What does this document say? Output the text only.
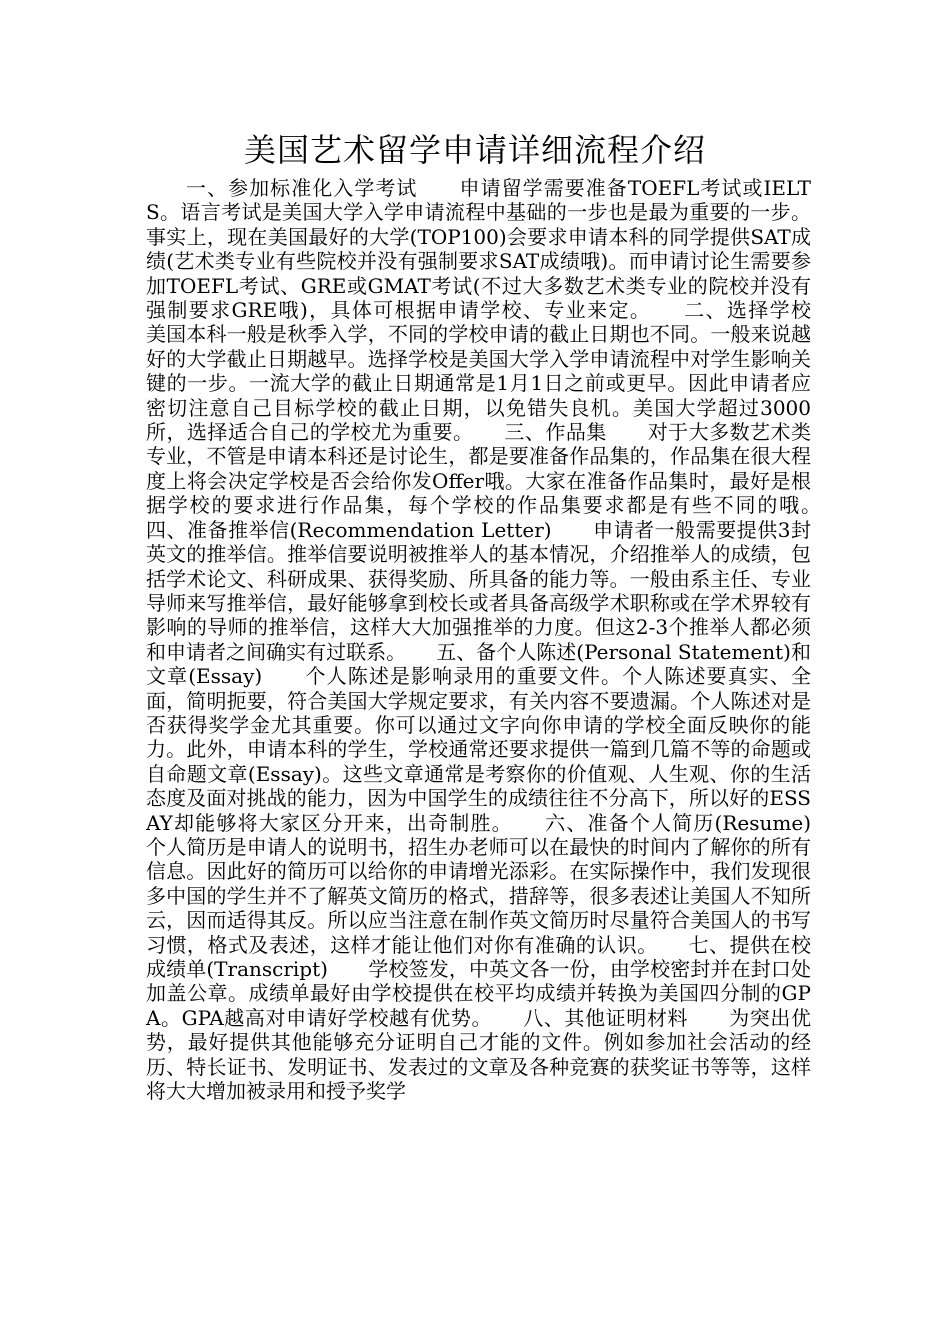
美国艺术留学申请详细流程介绍

一、参加标准化入学考试　　申请留学需要准备TOEFL考试或IELTS。语言考试是美国大学入学申请流程中基础的一步也是最为重要的一步。事实上，现在美国最好的大学(TOP100)会要求申请本科的同学提供SAT成绩(艺术类专业有些院校并没有强制要求SAT成绩哦)。而申请讨论生需要参加TOEFL考试、GRE或GMAT考试(不过大多数艺术类专业的院校并没有强制要求GRE哦)，具体可根据申请学校、专业来定。　　二、选择学校　　美国本科一般是秋季入学，不同的学校申请的截止日期也不同。一般来说越好的大学截止日期越早。选择学校是美国大学入学申请流程中对学生影响关键的一步。一流大学的截止日期通常是1月1日之前或更早。因此申请者应密切注意自己目标学校的截止日期，以免错失良机。美国大学超过3000所，选择适合自己的学校尤为重要。　　三、作品集　　对于大多数艺术类专业，不管是申请本科还是讨论生，都是要准备作品集的，作品集在很大程度上将会决定学校是否会给你发Offer哦。大家在准备作品集时，最好是根据学校的要求进行作品集，每个学校的作品集要求都是有些不同的哦。　　四、准备推举信(Recommendation Letter)　　申请者一般需要提供3封英文的推举信。推举信要说明被推举人的基本情况，介绍推举人的成绩，包括学术论文、科研成果、获得奖励、所具备的能力等。一般由系主任、专业导师来写推举信，最好能够拿到校长或者具备高级学术职称或在学术界较有影响的导师的推举信，这样大大加强推举的力度。但这2-3个推举人都必须和申请者之间确实有过联系。　　五、备个人陈述(Personal Statement)和文章(Essay)　　个人陈述是影响录用的重要文件。个人陈述要真实、全面，简明扼要，符合美国大学规定要求，有关内容不要遗漏。个人陈述对是否获得奖学金尤其重要。你可以通过文字向你申请的学校全面反映你的能力。此外，申请本科的学生，学校通常还要求提供一篇到几篇不等的命题或自命题文章(Essay)。这些文章通常是考察你的价值观、人生观、你的生活态度及面对挑战的能力，因为中国学生的成绩往往不分高下，所以好的ESSAY却能够将大家区分开来，出奇制胜。　　六、准备个人简历(Resume)　　个人简历是申请人的说明书，招生办老师可以在最快的时间内了解你的所有信息。因此好的简历可以给你的申请增光添彩。在实际操作中，我们发现很多中国的学生并不了解英文简历的格式，措辞等，很多表述让美国人不知所云，因而适得其反。所以应当注意在制作英文简历时尽量符合美国人的书写习惯，格式及表述，这样才能让他们对你有准确的认识。　　七、提供在校成绩单(Transcript)　　学校签发，中英文各一份，由学校密封并在封口处加盖公章。成绩单最好由学校提供在校平均成绩并转换为美国四分制的GPA。GPA越高对申请好学校越有优势。　　八、其他证明材料　　为突出优势，最好提供其他能够充分证明自己才能的文件。例如参加社会活动的经历、特长证书、发明证书、发表过的文章及各种竞赛的获奖证书等等，这样将大大增加被录用和授予奖学
